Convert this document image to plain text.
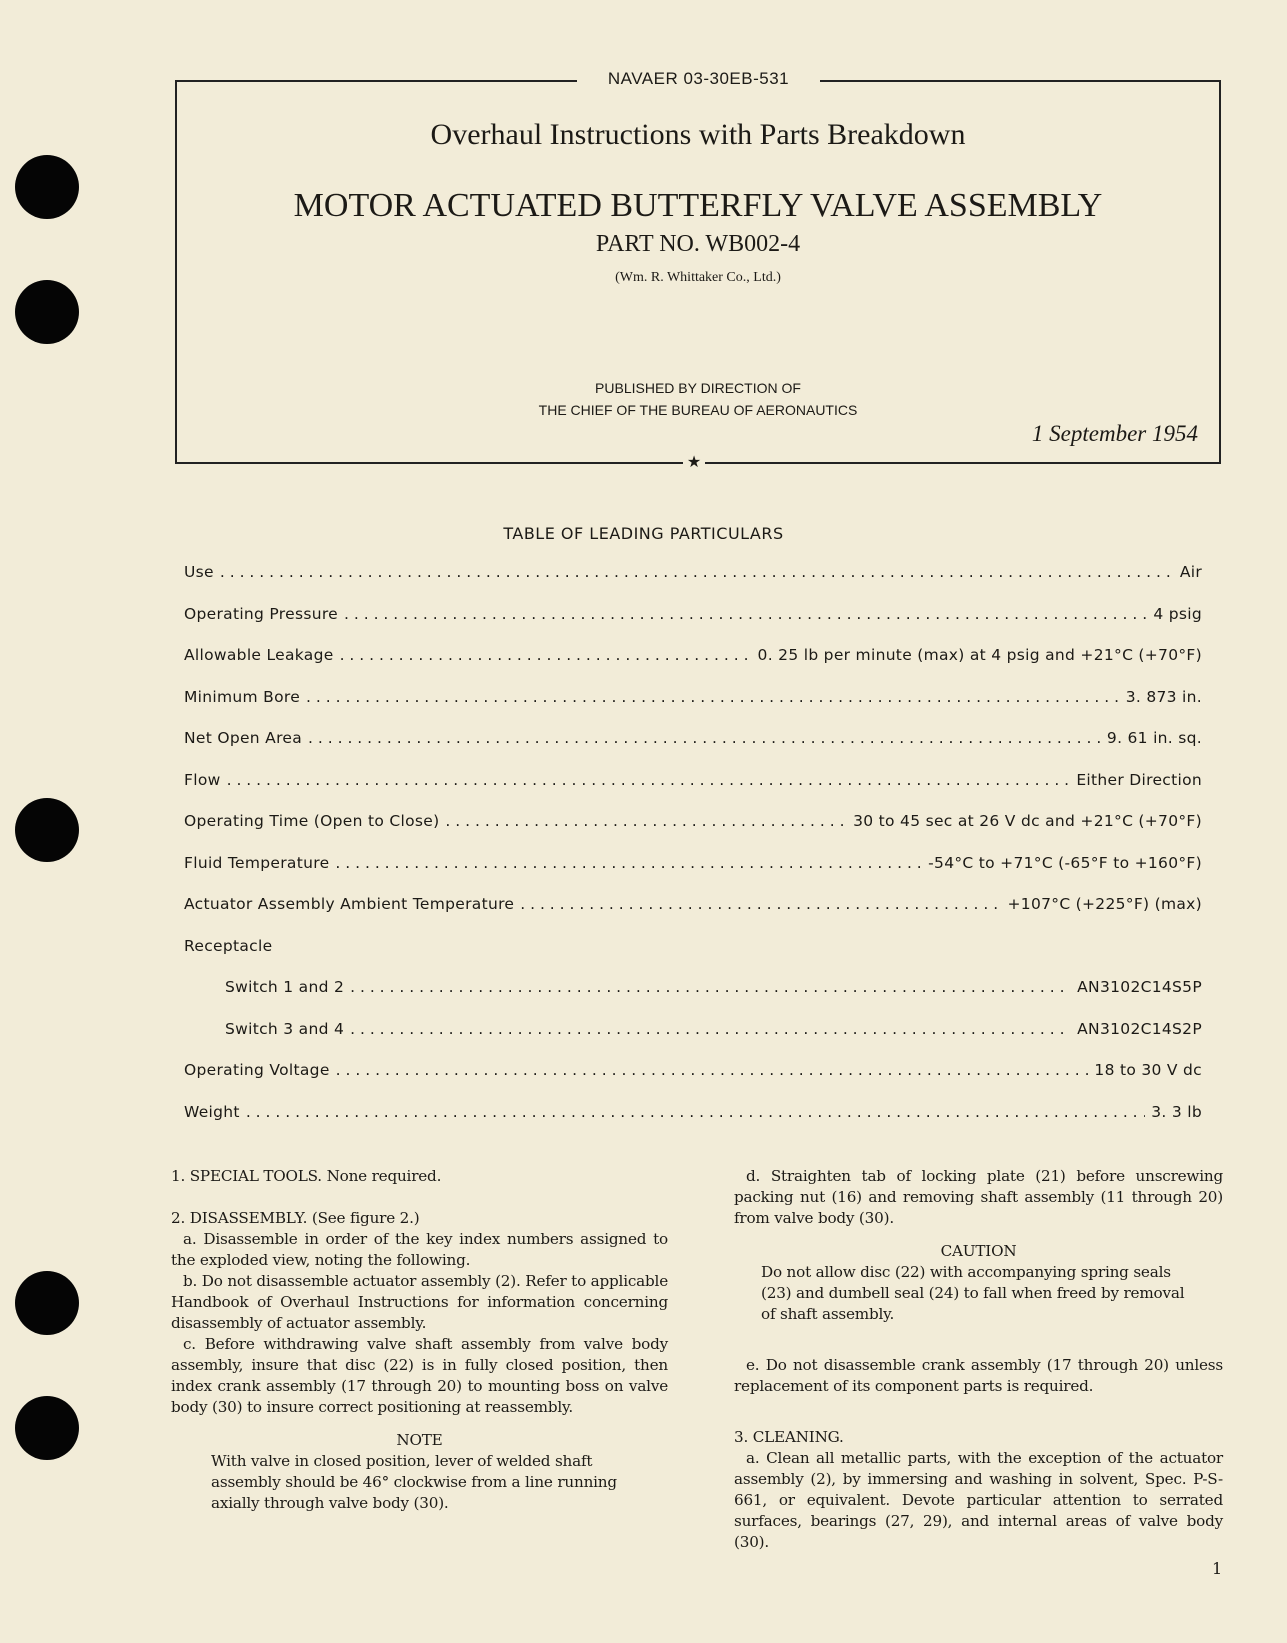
NAVAER 03-30EB-531
★
Overhaul Instructions with Parts Breakdown
MOTOR ACTUATED BUTTERFLY VALVE ASSEMBLY
PART NO. WB002-4
(Wm. R. Whittaker Co., Ltd.)
PUBLISHED BY DIRECTION OF
THE CHIEF OF THE BUREAU OF AERONAUTICS
1 September 1954
TABLE OF LEADING PARTICULARS

1. SPECIAL TOOLS. None required.

2. DISASSEMBLY. (See figure 2.)

a. Disassemble in order of the key index numbers assigned to the exploded view, noting the following.

b. Do not disassemble actuator assembly (2). Refer to applicable Handbook of Overhaul Instructions for information concerning disassembly of actuator assembly.

c. Before withdrawing valve shaft assembly from valve body assembly, insure that disc (22) is in fully closed position, then index crank assembly (17 through 20) to mounting boss on valve body (30) to insure correct positioning at reassembly.

NOTE

With valve in closed position, lever of welded shaft assembly should be 46° clockwise from a line running axially through valve body (30).

d. Straighten tab of locking plate (21) before unscrewing packing nut (16) and removing shaft assembly (11 through 20) from valve body (30).

CAUTION

Do not allow disc (22) with accompanying spring seals (23) and dumbell seal (24) to fall when freed by removal of shaft assembly.

e. Do not disassemble crank assembly (17 through 20) unless replacement of its component parts is required.

3. CLEANING.

a. Clean all metallic parts, with the exception of the actuator assembly (2), by immersing and washing in solvent, Spec. P-S-661, or equivalent. Devote particular attention to serrated surfaces, bearings (27, 29), and internal areas of valve body (30).

1
Use . . .	Air
Operating Pressure . . .	4 psig
Allowable Leakage . . .	0. 25 lb per minute (max) at 4 psig and +21°C (+70°F)
Minimum Bore . . .	3. 873 in.
Net Open Area . . .	9. 61 in. sq.
Flow . . .	Either Direction
Operating Time (Open to Close) . . .	30 to 45 sec at 26 V dc and +21°C (+70°F)
Fluid Temperature . . .	-54°C to +71°C (-65°F to +160°F)
Actuator Assembly Ambient Temperature . . .	+107°C (+225°F) (max)
Receptacle
Switch 1 and 2 . . .	AN3102C14S5P
Switch 3 and 4 . . .	AN3102C14S2P
Operating Voltage . . .	18 to 30 V dc
Weight . . .	3. 3 lb
